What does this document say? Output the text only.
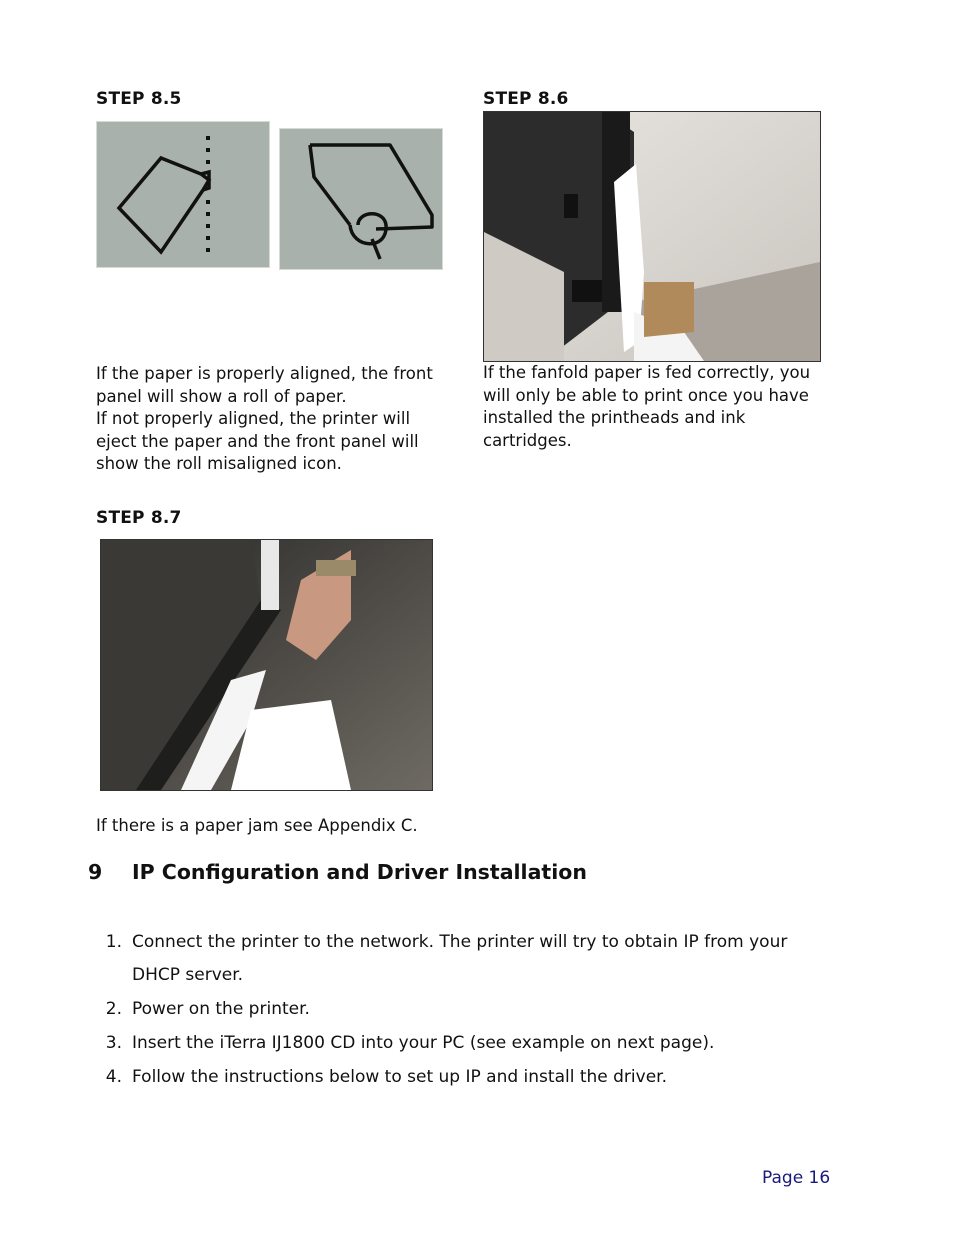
STEP 8.5
If the paper is properly aligned, the front
panel will show a roll of paper.
If not properly aligned, the printer will
eject the paper and the front panel will
show the roll misaligned icon.
STEP 8.6
If the fanfold paper is fed correctly, you
will only be able to print once you have
installed the printheads and ink
cartridges.
STEP 8.7
If there is a paper jam see Appendix C.
9 IP Configuration and Driver Installation
1. Connect the printer to the network. The printer will try to obtain IP from your
DHCP server.
2. Power on the printer.
3. Insert the iTerra IJ1800 CD into your PC (see example on next page).
4. Follow the instructions below to set up IP and install the driver.
Page 16
